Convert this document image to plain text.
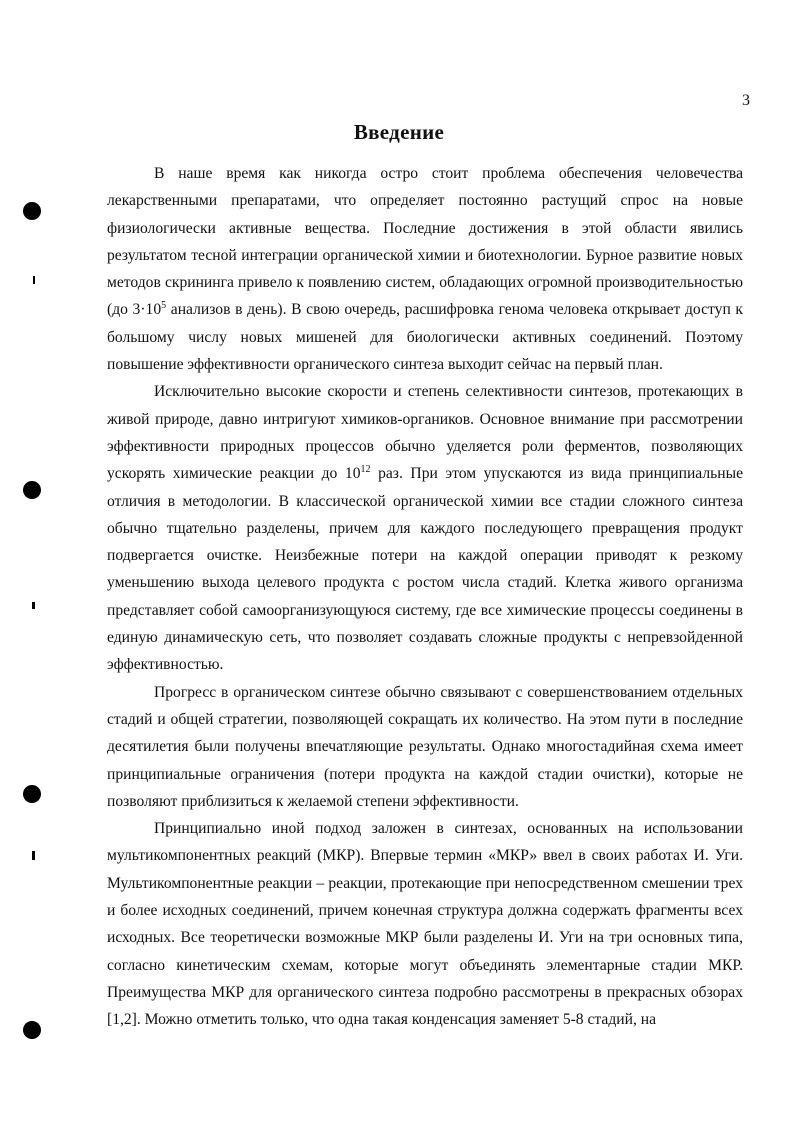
3
Введение

В наше время как никогда остро стоит проблема обеспечения человечества лекарственными препаратами, что определяет постоянно растущий спрос на новые физиологически активные вещества. Последние достижения в этой области явились результатом тесной интеграции органической химии и биотехнологии. Бурное развитие новых методов скрининга привело к появлению систем, обладающих огромной производительностью (до $3\cdot 10^5$ анализов в день). В свою очередь, расшифровка генома человека открывает доступ к большому числу новых мишеней для биологически активных соединений. Поэтому повышение эффективности органического синтеза выходит сейчас на первый план.

Исключительно высокие скорости и степень селективности синтезов, протекающих в живой природе, давно интригуют химиков-органиков. Основное внимание при рассмотрении эффективности природных процессов обычно уделяется роли ферментов, позволяющих ускорять химические реакции до $10^{12}$ раз. При этом упускаются из вида принципиальные отличия в методологии. В классической органической химии все стадии сложного синтеза обычно тщательно разделены, причем для каждого последующего превращения продукт подвергается очистке. Неизбежные потери на каждой операции приводят к резкому уменьшению выхода целевого продукта с ростом числа стадий. Клетка живого организма представляет собой самоорганизующуюся систему, где все химические процессы соединены в единую динамическую сеть, что позволяет создавать сложные продукты с непревзойденной эффективностью.

Прогресс в органическом синтезе обычно связывают с совершенствованием отдельных стадий и общей стратегии, позволяющей сокращать их количество. На этом пути в последние десятилетия были получены впечатляющие результаты. Однако многостадийная схема имеет принципиальные ограничения (потери продукта на каждой стадии очистки), которые не позволяют приблизиться к желаемой степени эффективности.

Принципиально иной подход заложен в синтезах, основанных на использовании мультикомпонентных реакций (МКР). Впервые термин «МКР» ввел в своих работах И. Уги. Мультикомпонентные реакции – реакции, протекающие при непосредственном смешении трех и более исходных соединений, причем конечная структура должна содержать фрагменты всех исходных. Все теоретически возможные МКР были разделены И. Уги на три основных типа, согласно кинетическим схемам, которые могут объединять элементарные стадии МКР. Преимущества МКР для органического синтеза подробно рассмотрены в прекрасных обзорах [1,2]. Можно отметить только, что одна такая конденсация заменяет 5-8 стадий, на
